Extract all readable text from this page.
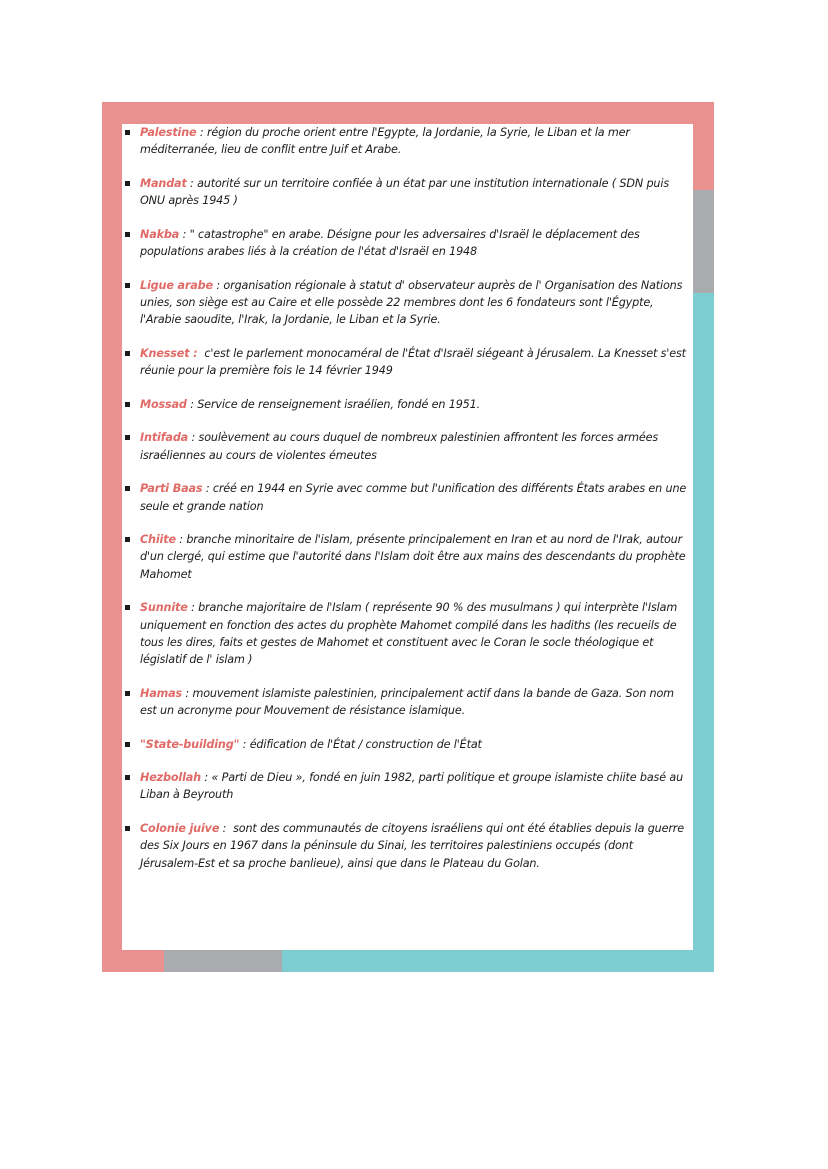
Palestine : région du proche orient entre l'Egypte, la Jordanie, la Syrie, le Liban et la mer méditerranée, lieu de conflit entre Juif et Arabe.
Mandat : autorité sur un territoire confiée à un état par une institution internationale ( SDN puis ONU après 1945 )
Nakba : " catastrophe" en arabe. Désigne pour les adversaires d'Israël le déplacement des populations arabes liés à la création de l'état d'Israël en 1948
Ligue arabe : organisation régionale à statut d' observateur auprès de l' Organisation des Nations unies, son siège est au Caire et elle possède 22 membres dont les 6 fondateurs sont l'Égypte, l'Arabie saoudite, l'Irak, la Jordanie, le Liban et la Syrie.
Knesset : c'est le parlement monocaméral de l'État d'Israël siégeant à Jérusalem. La Knesset s'est réunie pour la première fois le 14 février 1949
Mossad : Service de renseignement israélien, fondé en 1951.
Intifada : soulèvement au cours duquel de nombreux palestinien affrontent les forces armées israéliennes au cours de violentes émeutes
Parti Baas : créé en 1944 en Syrie avec comme but l'unification des différents États arabes en une seule et grande nation
Chiite : branche minoritaire de l'islam, présente principalement en Iran et au nord de l'Irak, autour d'un clergé, qui estime que l'autorité dans l'Islam doit être aux mains des descendants du prophète Mahomet
Sunnite : branche majoritaire de l'Islam ( représente 90 % des musulmans ) qui interprète l'Islam uniquement en fonction des actes du prophète Mahomet compilé dans les hadiths (les recueils de tous les dires, faits et gestes de Mahomet et constituent avec le Coran le socle théologique et législatif de l' islam )
Hamas : mouvement islamiste palestinien, principalement actif dans la bande de Gaza. Son nom est un acronyme pour Mouvement de résistance islamique.
"State-building" : édification de l'État / construction de l'État
Hezbollah : « Parti de Dieu », fondé en juin 1982, parti politique et groupe islamiste chiite basé au Liban à Beyrouth
Colonie juive :  sont des communautés de citoyens israéliens qui ont été établies depuis la guerre des Six Jours en 1967 dans la péninsule du Sinai, les territoires palestiniens occupés (dont Jérusalem-Est et sa proche banlieue), ainsi que dans le Plateau du Golan.
